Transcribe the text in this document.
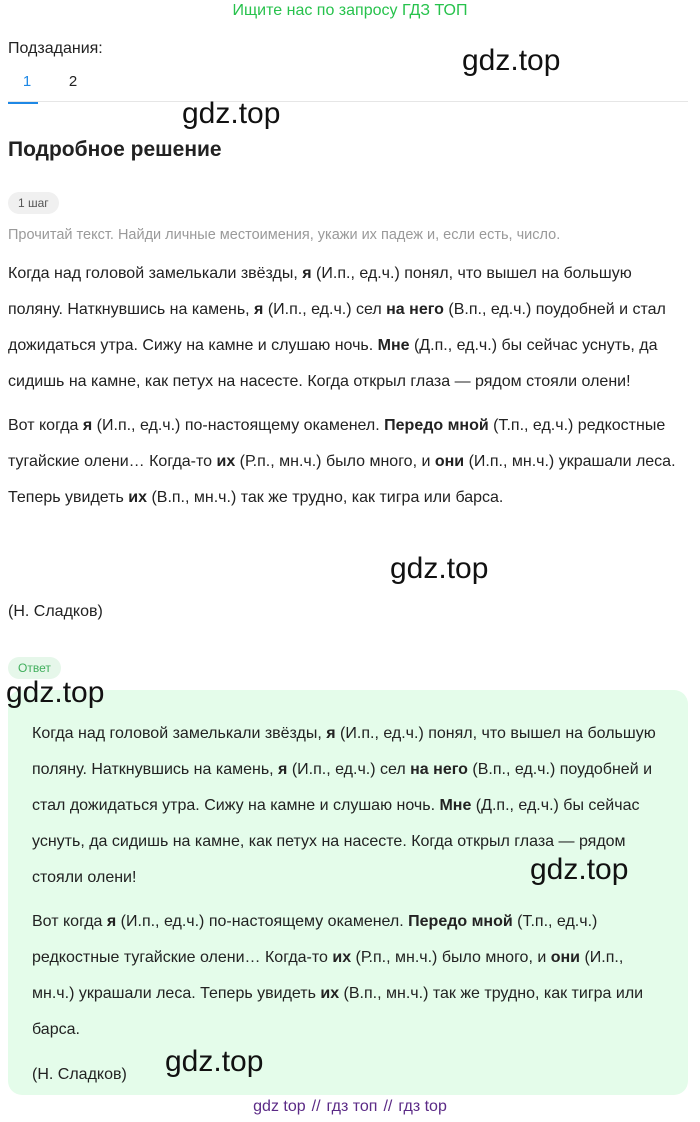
Ищите нас по запросу ГДЗ ТОП
Подзадания:
1	2
Подробное решение
1 шаг
Прочитай текст. Найди личные местоимения, укажи их падеж и, если есть, число.

Когда над головой замелькали звёзды, я (И.п., ед.ч.) понял, что вышел на большую поляну. Наткнувшись на камень, я (И.п., ед.ч.) сел на него (В.п., ед.ч.) поудобней и стал дожидаться утра. Сижу на камне и слушаю ночь. Мне (Д.п., ед.ч.) бы сейчас уснуть, да сидишь на камне, как петух на насесте. Когда открыл глаза — рядом стояли олени!

Вот когда я (И.п., ед.ч.) по-настоящему окаменел. Передо мной (Т.п., ед.ч.) редкостные тугайские олени… Когда-то их (Р.п., мн.ч.) было много, и они (И.п., мн.ч.) украшали леса. Теперь увидеть их (В.п., мн.ч.) так же трудно, как тигра или барса.

(Н. Сладков)
Ответ

Когда над головой замелькали звёзды, я (И.п., ед.ч.) понял, что вышел на большую поляну. Наткнувшись на камень, я (И.п., ед.ч.) сел на него (В.п., ед.ч.) поудобней и стал дожидаться утра. Сижу на камне и слушаю ночь. Мне (Д.п., ед.ч.) бы сейчас уснуть, да сидишь на камне, как петух на насесте. Когда открыл глаза — рядом стояли олени!

Вот когда я (И.п., ед.ч.) по-настоящему окаменел. Передо мной (Т.п., ед.ч.) редкостные тугайские олени… Когда-то их (Р.п., мн.ч.) было много, и они (И.п., мн.ч.) украшали леса. Теперь увидеть их (В.п., мн.ч.) так же трудно, как тигра или барса.

(Н. Сладков)
gdz.top
gdz.top
gdz.top
gdz.top
gdz.top
gdz.top
gdz top // гдз топ // гдз top
